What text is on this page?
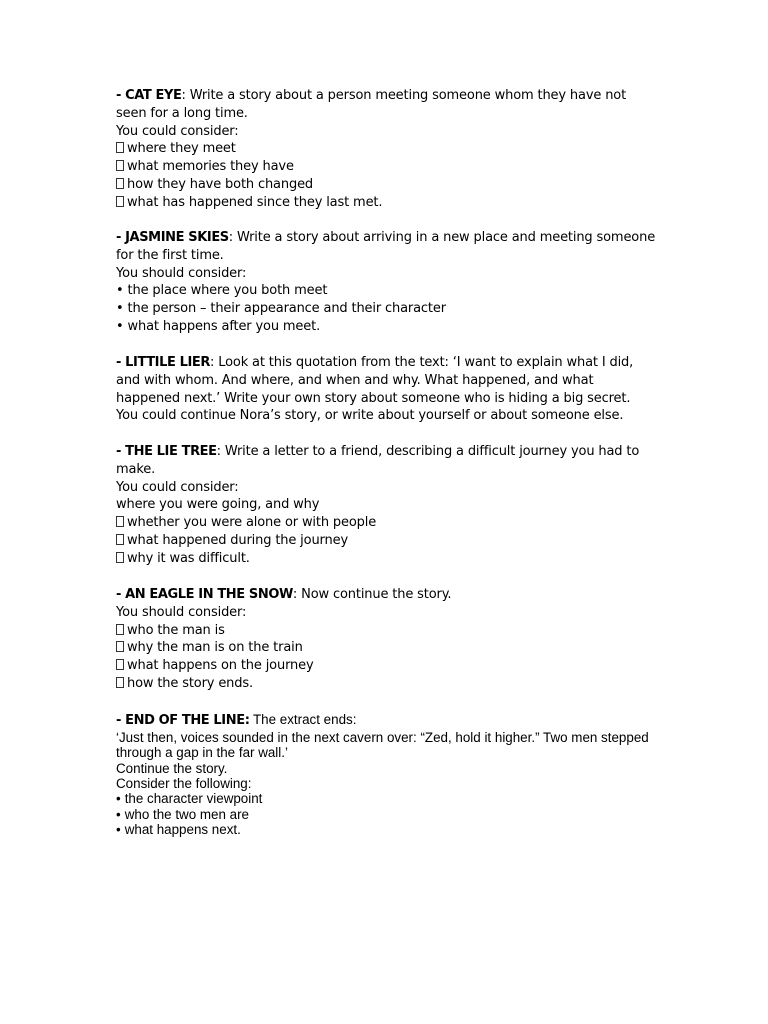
- CAT EYE: Write a story about a person meeting someone whom they have not seen for a long time.
You could consider:
where they meet
what memories they have
how they have both changed
what has happened since they last met.
- JASMINE SKIES: Write a story about arriving in a new place and meeting someone for the first time.
You should consider:
• the place where you both meet
• the person – their appearance and their character
• what happens after you meet.
- LITTILE LIER: Look at this quotation from the text: ‘I want to explain what I did, and with whom. And where, and when and why. What happened, and what happened next.’ Write your own story about someone who is hiding a big secret. You could continue Nora’s story, or write about yourself or about someone else.
- THE LIE TREE: Write a letter to a friend, describing a difficult journey you had to make.
You could consider:
where you were going, and why
whether you were alone or with people
what happened during the journey
why it was difficult.
- AN EAGLE IN THE SNOW: Now continue the story.
You should consider:
who the man is
why the man is on the train
what happens on the journey
how the story ends.
- END OF THE LINE: The extract ends:
‘Just then, voices sounded in the next cavern over: “Zed, hold it higher.” Two men stepped through a gap in the far wall.’
Continue the story.
Consider the following:
• the character viewpoint
• who the two men are
• what happens next.
